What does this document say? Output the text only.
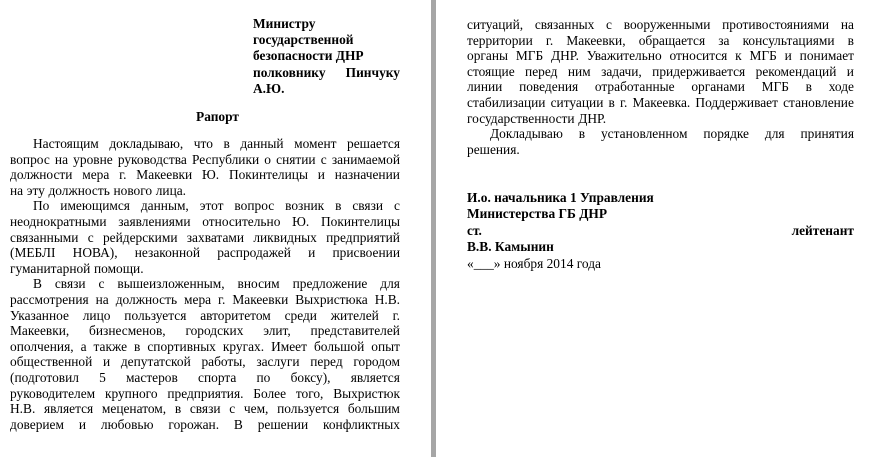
Министру
государственной
безопасности ДНР
полковнику Пинчуку
А.Ю.
Рапорт
Настоящим докладываю, что в данный момент решается
вопрос на уровне руководства Республики о снятии с занимаемой
должности мера г. Макеевки Ю. Покинтелицы и назначении
на эту должность нового лица.
По имеющимся данным, этот вопрос возник в связи с
неоднократными заявлениями относительно Ю. Покинтелицы
связанными с рейдерскими захватами ликвидных предприятий
(МЕБЛІ НОВА), незаконной распродажей и присвоении
гуманитарной помощи.
В связи с вышеизложенным, вносим предложение для
рассмотрения на должность мера г. Макеевки Выхристюка Н.В.
Указанное лицо пользуется авторитетом среди жителей г.
Макеевки, бизнесменов, городских элит, представителей
ополчения, а также в спортивных кругах. Имеет большой опыт
общественной и депутатской работы, заслуги перед городом
(подготовил 5 мастеров спорта по боксу), является
руководителем крупного предприятия. Более того, Выхристюк
Н.В. является меценатом, в связи с чем, пользуется большим
доверием и любовью горожан. В решении конфликтных
ситуаций, связанных с вооруженными противостояниями на
территории г. Макеевки, обращается за консультациями в
органы МГБ ДНР. Уважительно относится к МГБ и понимает
стоящие перед ним задачи, придерживается рекомендаций и
линии поведения отработанные органами МГБ в ходе
стабилизации ситуации в г. Макеевка. Поддерживает становление
государственности ДНР.
Докладываю в установленном порядке для принятия
решения.
И.о. начальника 1 Управления
Министерства ГБ ДНР
ст.	лейтенант
В.В. Камынин
«___» ноября 2014 года
